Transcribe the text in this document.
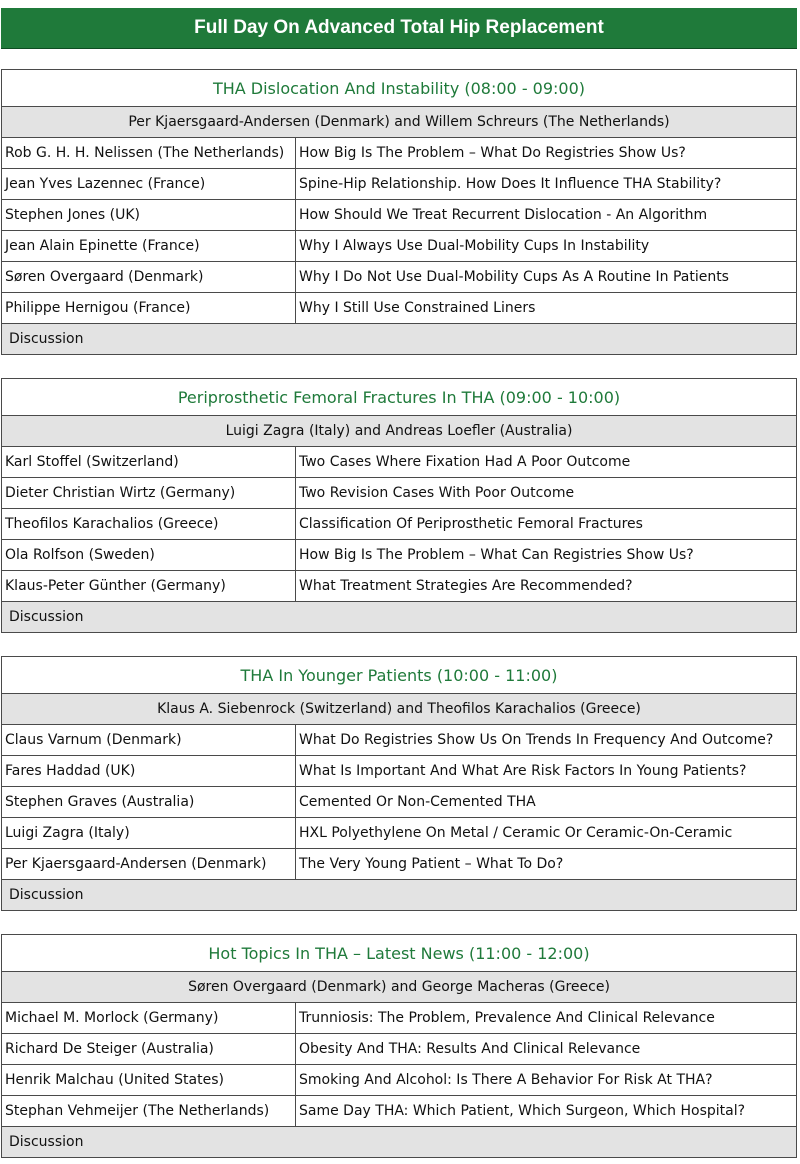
Full Day On Advanced Total Hip Replacement
THA Dislocation And Instability (08:00 - 09:00)	
Per Kjaersgaard-Andersen (Denmark) and Willem Schreurs (The Netherlands)	
Rob G. H. H. Nelissen (The Netherlands)	How Big Is The Problem – What Do Registries Show Us?
Jean Yves Lazennec (France)	Spine-Hip Relationship. How Does It Influence THA Stability?
Stephen Jones (UK)	How Should We Treat Recurrent Dislocation - An Algorithm
Jean Alain Epinette (France)	Why I Always Use Dual-Mobility Cups In Instability
Søren Overgaard (Denmark)	Why I Do Not Use Dual-Mobility Cups As A Routine In Patients
Philippe Hernigou (France)	Why I Still Use Constrained Liners
Discussion	
Periprosthetic Femoral Fractures In THA (09:00 - 10:00)	
Luigi Zagra (Italy) and Andreas Loefler (Australia)	
Karl Stoffel (Switzerland)	Two Cases Where Fixation Had A Poor Outcome
Dieter Christian Wirtz (Germany)	Two Revision Cases With Poor Outcome
Theofilos Karachalios (Greece)	Classification Of Periprosthetic Femoral Fractures
Ola Rolfson (Sweden)	How Big Is The Problem – What Can Registries Show Us?
Klaus-Peter Günther (Germany)	What Treatment Strategies Are Recommended?
Discussion	
THA In Younger Patients (10:00 - 11:00)	
Klaus A. Siebenrock (Switzerland) and Theofilos Karachalios (Greece)	
Claus Varnum (Denmark)	What Do Registries Show Us On Trends In Frequency And Outcome?
Fares Haddad (UK)	What Is Important And What Are Risk Factors In Young Patients?
Stephen Graves (Australia)	Cemented Or Non-Cemented THA
Luigi Zagra (Italy)	HXL Polyethylene On Metal / Ceramic Or Ceramic-On-Ceramic
Per Kjaersgaard-Andersen (Denmark)	The Very Young Patient – What To Do?
Discussion	
Hot Topics In THA – Latest News (11:00 - 12:00)	
Søren Overgaard (Denmark) and George Macheras (Greece)	
Michael M. Morlock (Germany)	Trunniosis: The Problem, Prevalence And Clinical Relevance
Richard De Steiger (Australia)	Obesity And THA: Results And Clinical Relevance
Henrik Malchau (United States)	Smoking And Alcohol: Is There A Behavior For Risk At THA?
Stephan Vehmeijer (The Netherlands)	Same Day THA: Which Patient, Which Surgeon, Which Hospital?
Discussion	
